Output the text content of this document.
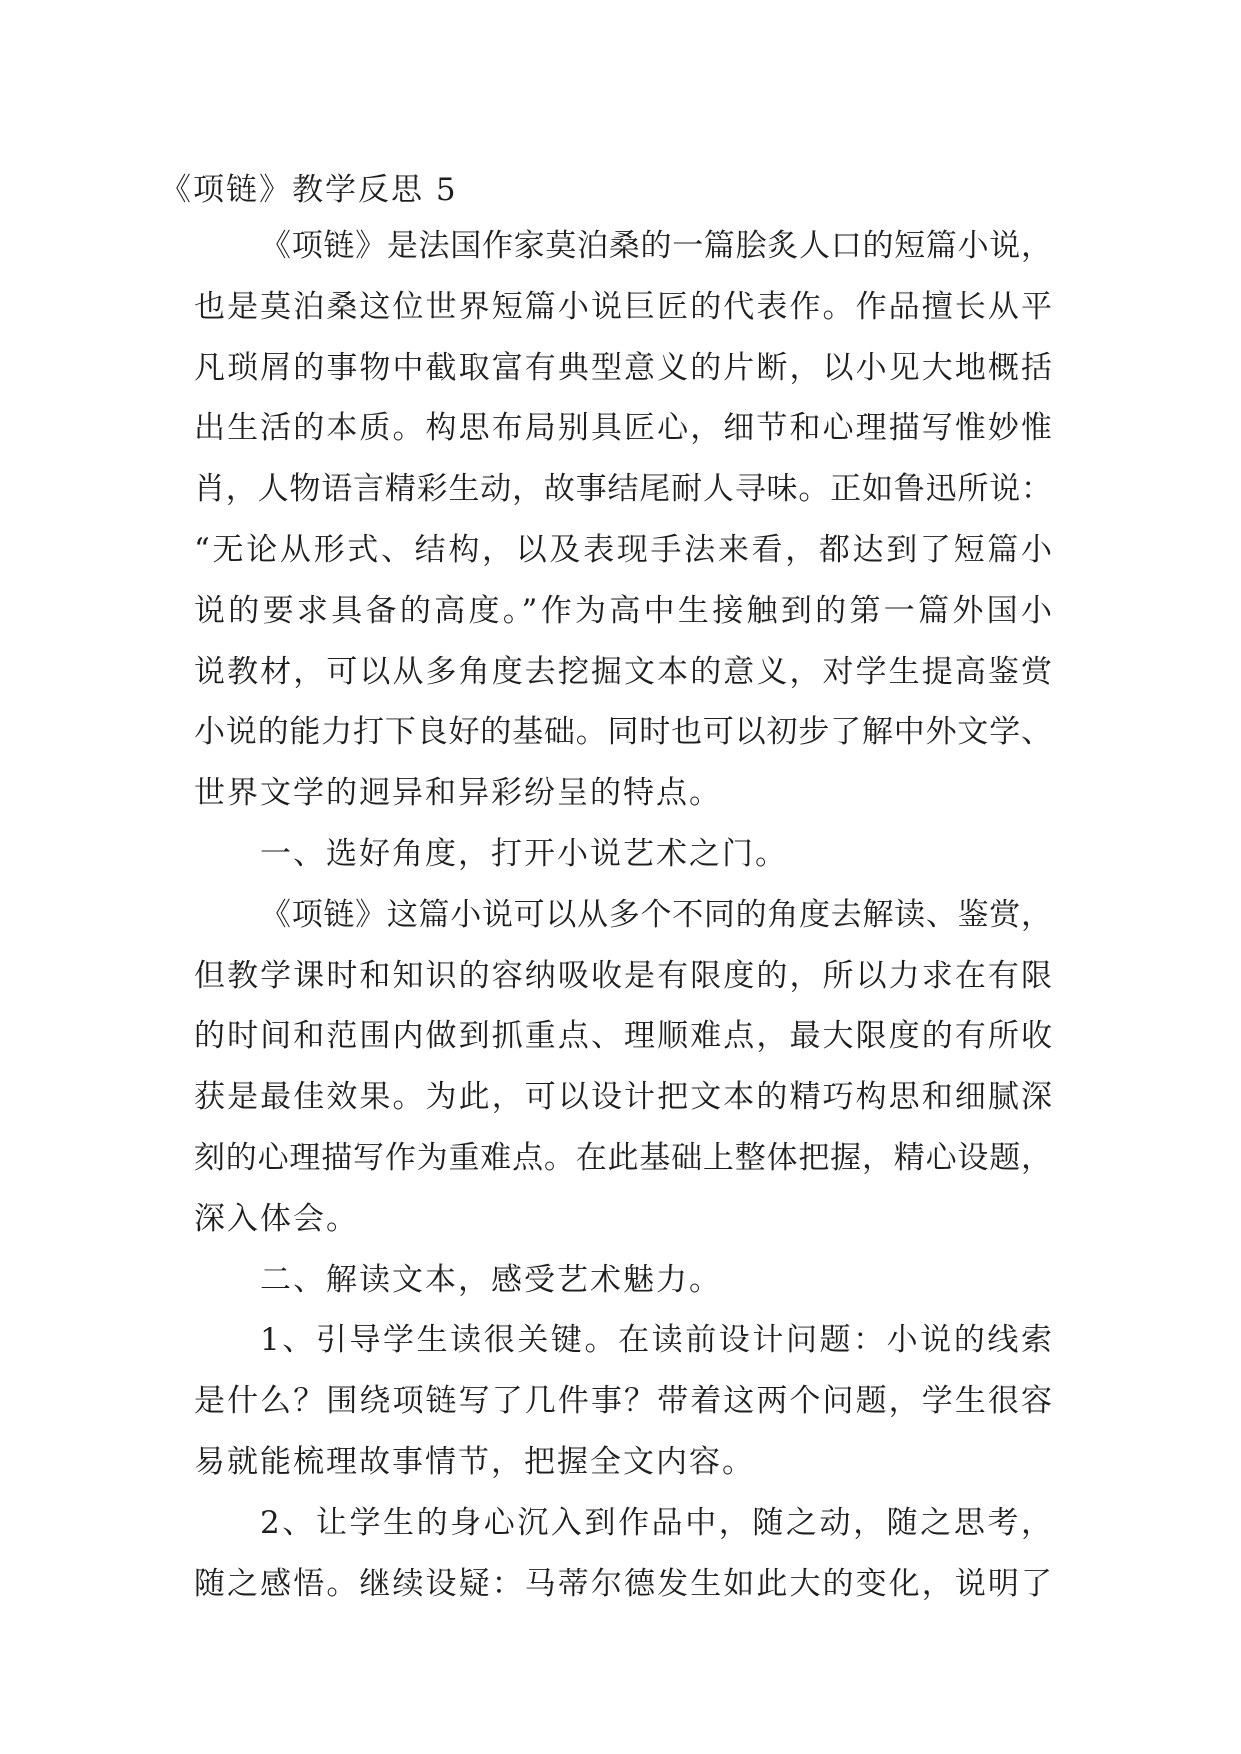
《项链》教学反思 5
《项链》是法国作家莫泊桑的一篇脍炙人口的短篇小说，
也是莫泊桑这位世界短篇小说巨匠的代表作。作品擅长从平
凡琐屑的事物中截取富有典型意义的片断，以小见大地概括
出生活的本质。构思布局别具匠心，细节和心理描写惟妙惟
肖，人物语言精彩生动，故事结尾耐人寻味。正如鲁迅所说：
“无论从形式、结构，以及表现手法来看，都达到了短篇小
说的要求具备的高度。”作为高中生接触到的第一篇外国小
说教材，可以从多角度去挖掘文本的意义，对学生提高鉴赏
小说的能力打下良好的基础。同时也可以初步了解中外文学、
世界文学的迥异和异彩纷呈的特点。
一、选好角度，打开小说艺术之门。
《项链》这篇小说可以从多个不同的角度去解读、鉴赏，
但教学课时和知识的容纳吸收是有限度的，所以力求在有限
的时间和范围内做到抓重点、理顺难点，最大限度的有所收
获是最佳效果。为此，可以设计把文本的精巧构思和细腻深
刻的心理描写作为重难点。在此基础上整体把握，精心设题，
深入体会。
二、解读文本，感受艺术魅力。
1、引导学生读很关键。在读前设计问题：小说的线索
是什么？围绕项链写了几件事？带着这两个问题，学生很容
易就能梳理故事情节，把握全文内容。
2、让学生的身心沉入到作品中，随之动，随之思考，
随之感悟。继续设疑：马蒂尔德发生如此大的变化，说明了
